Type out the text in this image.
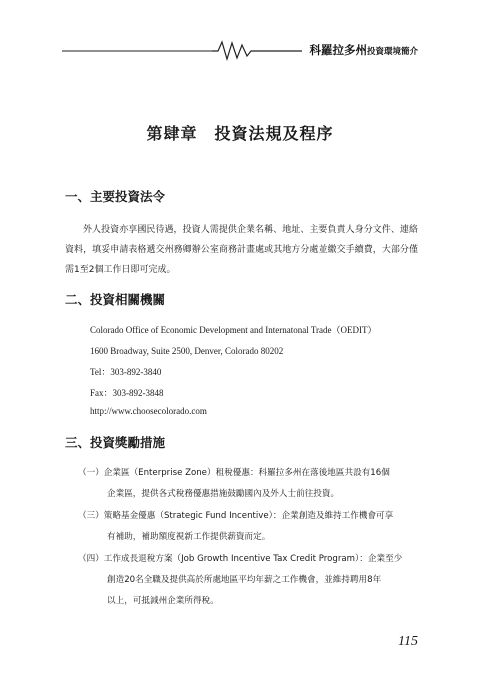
科羅拉多州投資環境簡介
第肆章　投資法規及程序
一、主要投資法令
外人投資亦享國民待遇，投資人需提供企業名稱、地址、主要負責人身分文件、連絡資料，填妥申請表格遞交州務卿辦公室商務計畫處或其地方分處並繳交手續費，大部分僅需1至2個工作日即可完成。
二、投資相關機關
Colorado Office of Economic Development and Internatonal Trade（OEDIT）
1600 Broadway, Suite 2500, Denver, Colorado 80202
Tel：303-892-3840
Fax：303-892-3848
http://www.choosecolorado.com
三、投資獎勵措施
（一）企業區（Enterprise Zone）租稅優惠：科羅拉多州在落後地區共設有16個
企業區，提供各式稅務優惠措施鼓勵國內及外人士前往投資。
（三）策略基金優惠（Strategic Fund Incentive）：企業創造及維持工作機會可享
有補助，補助額度視新工作提供薪資而定。
（四）工作成長退稅方案（Job Growth Incentive Tax Credit Program）：企業至少
創造20名全職及提供高於所處地區平均年薪之工作機會，並維持聘用8年
以上，可抵減州企業所得稅。
115
